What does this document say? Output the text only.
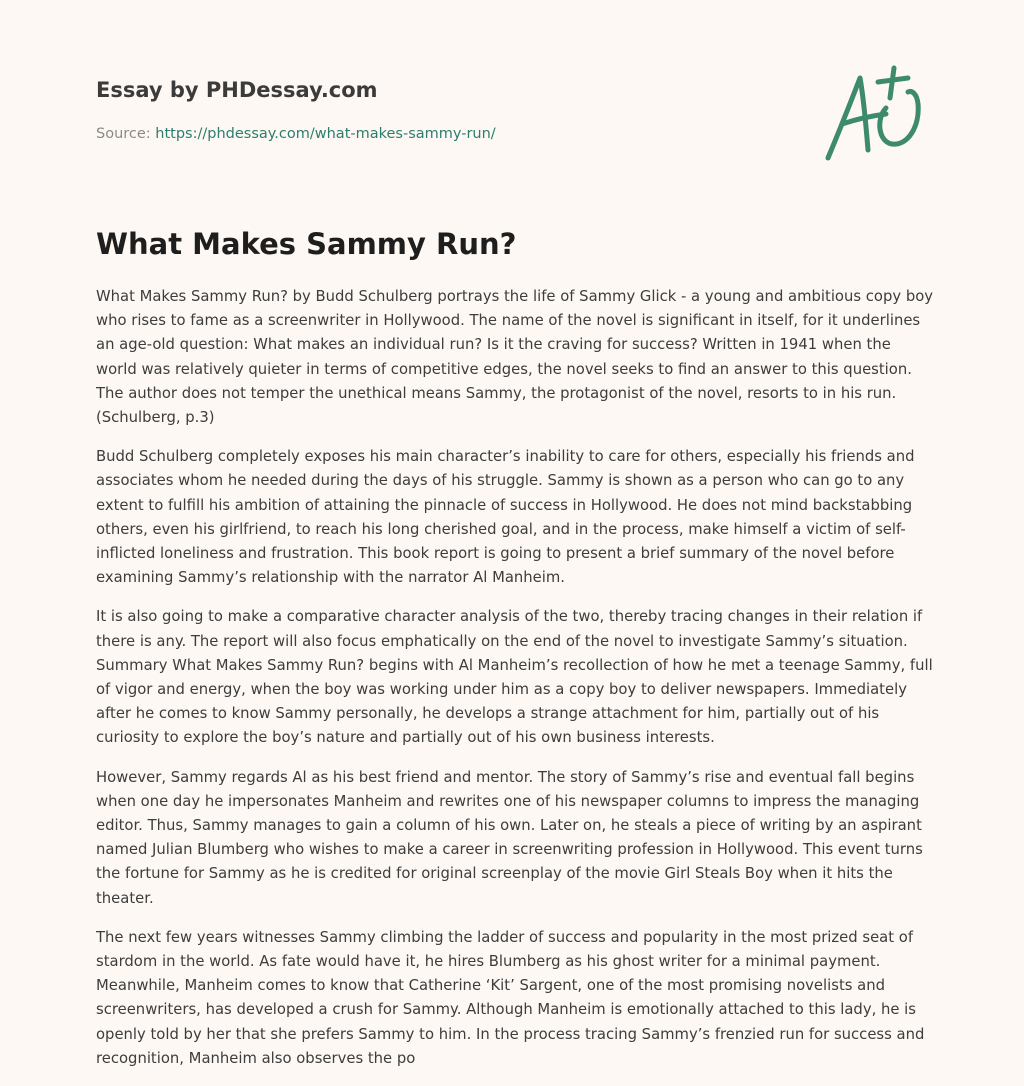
Essay by PHDessay.com
Source: https://phdessay.com/what-makes-sammy-run/
What Makes Sammy Run?

What Makes Sammy Run? by Budd Schulberg portrays the life of Sammy Glick - a young and ambitious copy boy who rises to fame as a screenwriter in Hollywood. The name of the novel is significant in itself, for it underlines an age-old question: What makes an individual run? Is it the craving for success? Written in 1941 when the world was relatively quieter in terms of competitive edges, the novel seeks to find an answer to this question. The author does not temper the unethical means Sammy, the protagonist of the novel, resorts to in his run. (Schulberg, p.3)

Budd Schulberg completely exposes his main character’s inability to care for others, especially his friends and associates whom he needed during the days of his struggle. Sammy is shown as a person who can go to any extent to fulfill his ambition of attaining the pinnacle of success in Hollywood. He does not mind backstabbing others, even his girlfriend, to reach his long cherished goal, and in the process, make himself a victim of self-inflicted loneliness and frustration. This book report is going to present a brief summary of the novel before examining Sammy’s relationship with the narrator Al Manheim.

It is also going to make a comparative character analysis of the two, thereby tracing changes in their relation if there is any. The report will also focus emphatically on the end of the novel to investigate Sammy’s situation. Summary What Makes Sammy Run? begins with Al Manheim’s recollection of how he met a teenage Sammy, full of vigor and energy, when the boy was working under him as a copy boy to deliver newspapers. Immediately after he comes to know Sammy personally, he develops a strange attachment for him, partially out of his curiosity to explore the boy’s nature and partially out of his own business interests.

However, Sammy regards Al as his best friend and mentor. The story of Sammy’s rise and eventual fall begins when one day he impersonates Manheim and rewrites one of his newspaper columns to impress the managing editor. Thus, Sammy manages to gain a column of his own. Later on, he steals a piece of writing by an aspirant named Julian Blumberg who wishes to make a career in screenwriting profession in Hollywood. This event turns the fortune for Sammy as he is credited for original screenplay of the movie Girl Steals Boy when it hits the theater.

The next few years witnesses Sammy climbing the ladder of success and popularity in the most prized seat of stardom in the world. As fate would have it, he hires Blumberg as his ghost writer for a minimal payment. Meanwhile, Manheim comes to know that Catherine ‘Kit’ Sargent, one of the most promising novelists and screenwriters, has developed a crush for Sammy. Although Manheim is emotionally attached to this lady, he is openly told by her that she prefers Sammy to him. In the process tracing Sammy’s frenzied run for success and recognition, Manheim also observes the po
